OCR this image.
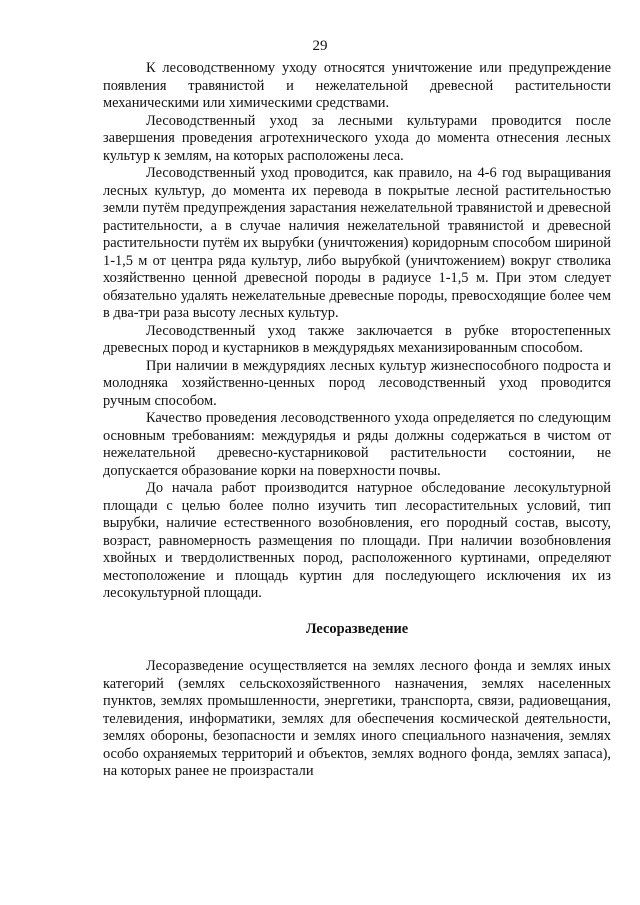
29

К лесоводственному уходу относятся уничтожение или предупреждение появления травянистой и нежелательной древесной растительности механическими или химическими средствами.

Лесоводственный уход за лесными культурами проводится после завершения проведения агротехнического ухода до момента отнесения лесных культур к землям, на которых расположены леса.

Лесоводственный уход проводится, как правило, на 4-6 год выращивания лесных культур, до момента их перевода в покрытые лесной растительностью земли путём предупреждения зарастания нежелательной травянистой и древесной растительности, а в случае наличия нежелательной травянистой и древесной растительности путём их вырубки (уничтожения) коридорным способом шириной 1-1,5 м от центра ряда культур, либо вырубкой (уничтожением) вокруг стволика хозяйственно ценной древесной породы в радиусе 1-1,5 м. При этом следует обязательно удалять нежелательные древесные породы, превосходящие более чем в два-три раза высоту лесных культур.

Лесоводственный уход также заключается в рубке второстепенных древесных пород и кустарников в междурядьях механизированным способом.

При наличии в междурядиях лесных культур жизнеспособного подроста и молодняка хозяйственно-ценных пород лесоводственный уход проводится ручным способом.

Качество проведения лесоводственного ухода определяется по следующим основным требованиям: междурядья и ряды должны содержаться в чистом от нежелательной древесно-кустарниковой растительности состоянии, не допускается образование корки на поверхности почвы.

До начала работ производится натурное обследование лесокультурной площади с целью более полно изучить тип лесорастительных условий, тип вырубки, наличие естественного возобновления, его породный состав, высоту, возраст, равномерность размещения по площади. При наличии возобновления хвойных и твердолиственных пород, расположенного куртинами, определяют местоположение и площадь куртин для последующего исключения их из лесокультурной площади.

Лесоразведение

Лесоразведение осуществляется на землях лесного фонда и землях иных категорий (землях сельскохозяйственного назначения, землях населенных пунктов, землях промышленности, энергетики, транспорта, связи, радиовещания, телевидения, информатики, землях для обеспечения космической деятельности, землях обороны, безопасности и землях иного специального назначения, землях особо охраняемых территорий и объектов, землях водного фонда, землях запаса), на которых ранее не произрастали
